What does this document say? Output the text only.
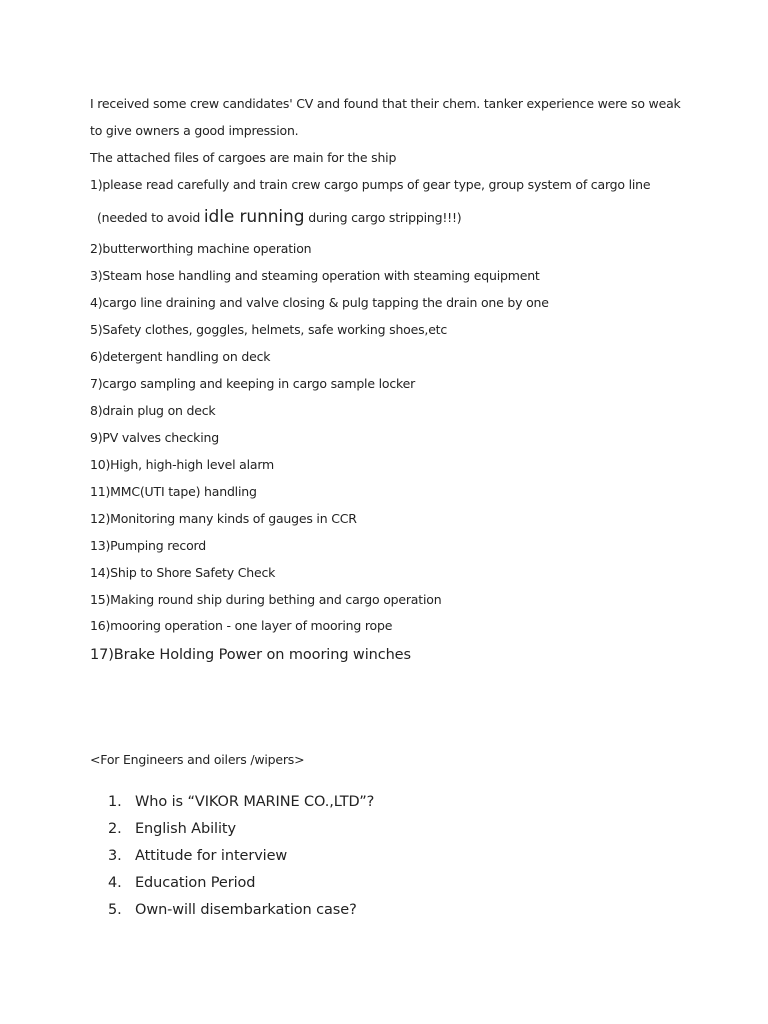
I received some crew candidates' CV and found that their chem. tanker experience were so weak
to give owners a good impression.
The attached files of cargoes are main for the ship
1)please read carefully and train crew cargo pumps of gear type, group system of cargo line
(needed to avoid idle running during cargo stripping!!!)
2)butterworthing machine operation
3)Steam hose handling and steaming operation with steaming equipment
4)cargo line draining and valve closing & pulg tapping the drain one by one
5)Safety clothes, goggles, helmets, safe working shoes,etc
6)detergent handling on deck
7)cargo sampling and keeping in cargo sample locker
8)drain plug on deck
9)PV valves checking
10)High, high-high level alarm
11)MMC(UTI tape) handling
12)Monitoring many kinds of gauges in CCR
13)Pumping record
14)Ship to Shore Safety Check
15)Making round ship during bething and cargo operation
16)mooring operation - one layer of mooring rope
17)Brake Holding Power on mooring winches
<For Engineers and oilers /wipers>
1. Who is “VIKOR MARINE CO.,LTD”?
2. English Ability
3. Attitude for interview
4. Education Period
5. Own-will disembarkation case?
